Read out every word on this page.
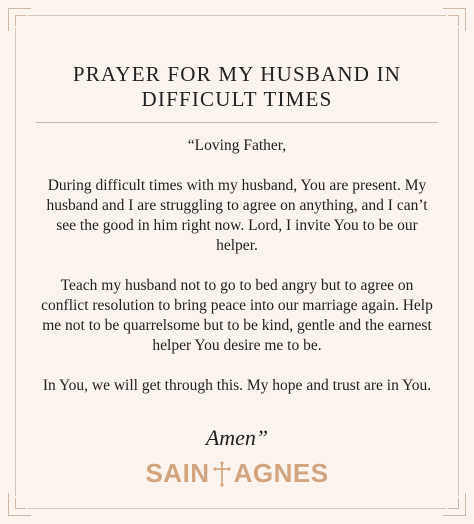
PRAYER FOR MY HUSBAND IN
DIFFICULT TIMES

“Loving Father,

During difficult times with my husband, You are present. My husband and I are struggling to agree on anything, and I can’t see the good in him right now. Lord, I invite You to be our helper.

Teach my husband not to go to bed angry but to agree on conflict resolution to bring peace into our marriage again. Help me not to be quarrelsome but to be kind, gentle and the earnest helper You desire me to be.

In You, we will get through this. My hope and trust are in You.

Amen”
SAIN AGNES
